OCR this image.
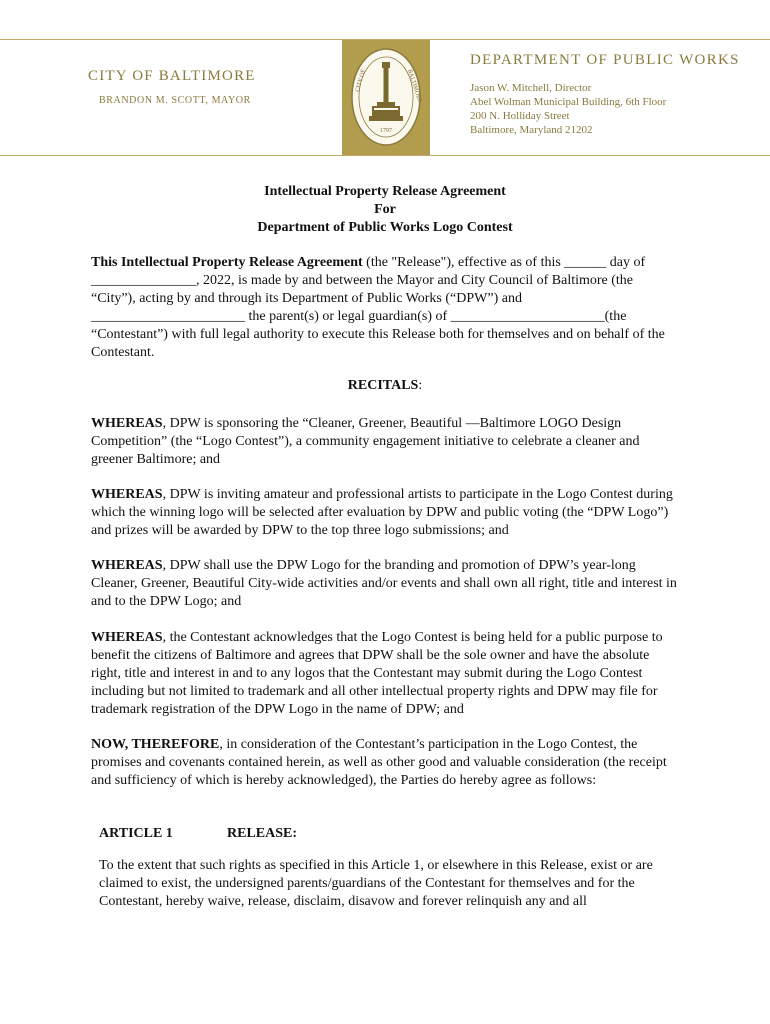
CITY OF BALTIMORE
BRANDON M. SCOTT, MAYOR
CITY OF	BALTIMORE
1797
DEPARTMENT OF PUBLIC WORKS
Jason W. Mitchell, Director
Abel Wolman Municipal Building, 6th Floor
200 N. Holliday Street
Baltimore, Maryland 21202
Intellectual Property Release Agreement
For
Department of Public Works Logo Contest
This Intellectual Property Release Agreement (the "Release"), effective as of this ______ day of _______________, 2022, is made by and between the Mayor and City Council of Baltimore (the “City”), acting by and through its Department of Public Works (“DPW”) and ______________________ the parent(s) or legal guardian(s) of ______________________(the “Contestant”) with full legal authority to execute this Release both for themselves and on behalf of the Contestant.
RECITALS:
WHEREAS, DPW is sponsoring the “Cleaner, Greener, Beautiful —Baltimore LOGO Design Competition” (the “Logo Contest”), a community engagement initiative to celebrate a cleaner and greener Baltimore; and
WHEREAS, DPW is inviting amateur and professional artists to participate in the Logo Contest during which the winning logo will be selected after evaluation by DPW and public voting (the “DPW Logo”) and prizes will be awarded by DPW to the top three logo submissions; and
WHEREAS, DPW shall use the DPW Logo for the branding and promotion of DPW’s year-long Cleaner, Greener, Beautiful City-wide activities and/or events and shall own all right, title and interest in and to the DPW Logo; and
WHEREAS, the Contestant acknowledges that the Logo Contest is being held for a public purpose to benefit the citizens of Baltimore and agrees that DPW shall be the sole owner and have the absolute right, title and interest in and to any logos that the Contestant may submit during the Logo Contest including but not limited to trademark and all other intellectual property rights and DPW may file for trademark registration of the DPW Logo in the name of DPW; and
NOW, THEREFORE, in consideration of the Contestant’s participation in the Logo Contest, the promises and covenants contained herein, as well as other good and valuable consideration (the receipt and sufficiency of which is hereby acknowledged), the Parties do hereby agree as follows:
ARTICLE 1	RELEASE:
To the extent that such rights as specified in this Article 1, or elsewhere in this Release, exist or are claimed to exist, the undersigned parents/guardians of the Contestant for themselves and for the Contestant, hereby waive, release, disclaim, disavow and forever relinquish any and all
